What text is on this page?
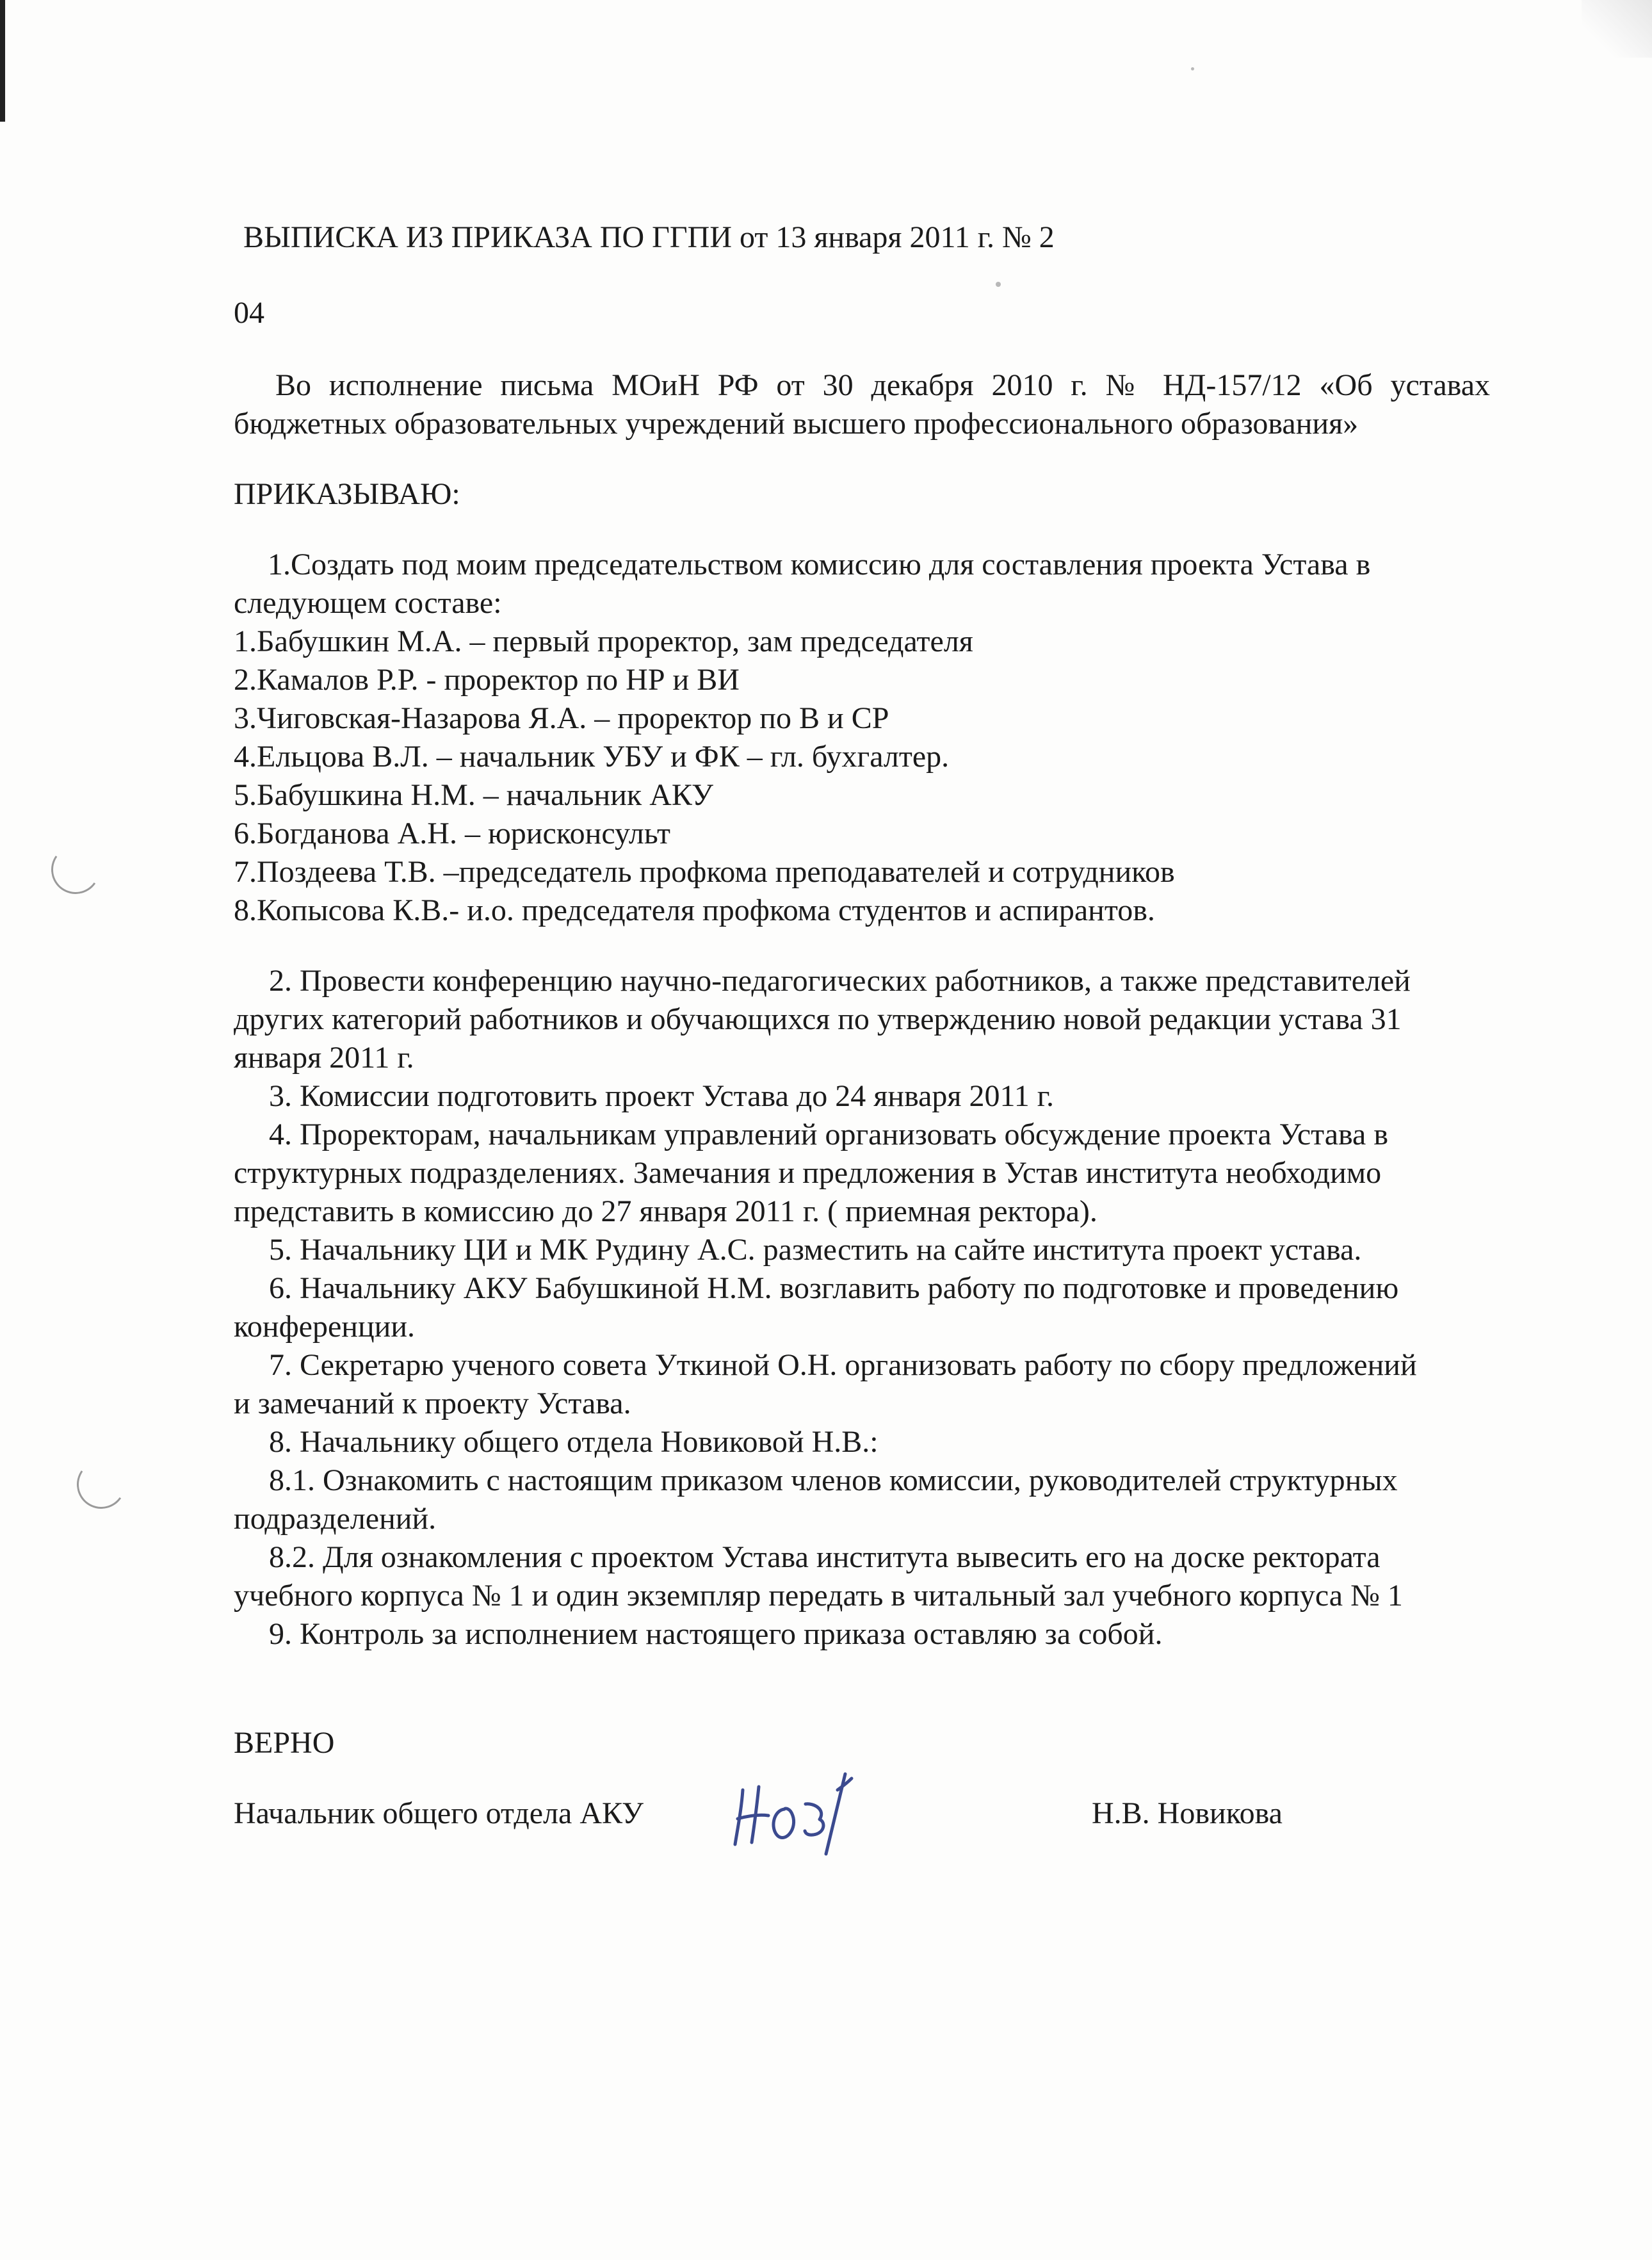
ВЫПИСКА ИЗ ПРИКАЗА ПО ГГПИ от 13 января 2011 г. № 2
04
Во исполнение письма МОиН РФ от 30 декабря 2010 г. № НД-157/12 «Об уставах
бюджетных образовательных учреждений высшего профессионального образования»
ПРИКАЗЫВАЮ:
1.Создать под моим председательством комиссию для составления проекта Устава в
следующем составе:
1.Бабушкин М.А. – первый проректор, зам председателя
2.Камалов Р.Р. - проректор по НР и ВИ
3.Чиговская-Назарова Я.А. – проректор по В и СР
4.Ельцова В.Л. – начальник УБУ и ФК – гл. бухгалтер.
5.Бабушкина Н.М. – начальник АКУ
6.Богданова А.Н. – юрисконсульт
7.Поздеева Т.В. –председатель профкома преподавателей и сотрудников
8.Копысова К.В.- и.о. председателя профкома студентов и аспирантов.
2. Провести конференцию научно-педагогических работников, а также представителей
других категорий работников и обучающихся по утверждению новой редакции устава 31
января 2011 г.
3. Комиссии подготовить проект Устава до 24 января 2011 г.
4. Проректорам, начальникам управлений организовать обсуждение проекта Устава в
структурных подразделениях. Замечания и предложения в Устав института необходимо
представить в комиссию до 27 января 2011 г. ( приемная ректора).
5. Начальнику ЦИ и МК Рудину А.С. разместить на сайте института проект устава.
6. Начальнику АКУ Бабушкиной Н.М. возглавить работу по подготовке и проведению
конференции.
7. Секретарю ученого совета Уткиной О.Н. организовать работу по сбору предложений
и замечаний к проекту Устава.
8. Начальнику общего отдела Новиковой Н.В.:
8.1. Ознакомить с настоящим приказом членов комиссии, руководителей структурных
подразделений.
8.2. Для ознакомления с проектом Устава института вывесить его на доске ректората
учебного корпуса № 1 и один экземпляр передать в читальный зал учебного корпуса № 1
9. Контроль за исполнением настоящего приказа оставляю за собой.
ВЕРНО
Начальник общего отдела АКУ	Н.В. Новикова
